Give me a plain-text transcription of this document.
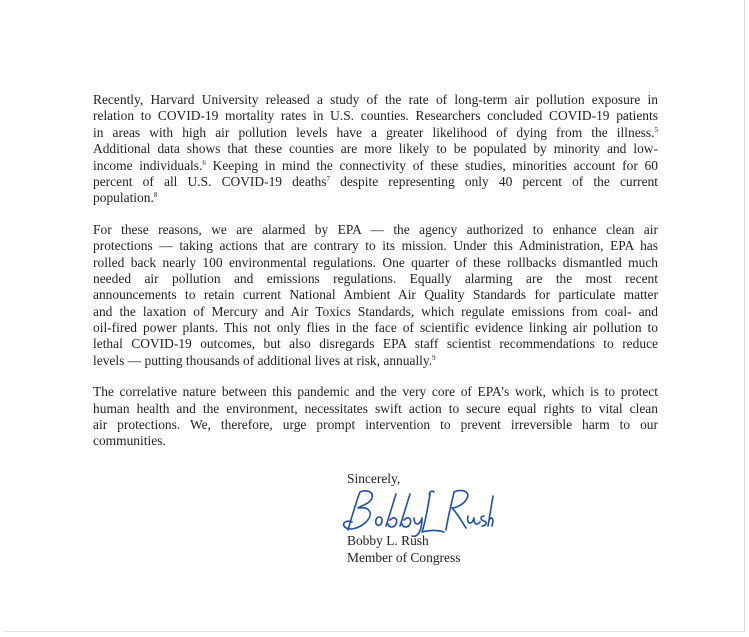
Recently, Harvard University released a study of the rate of long-term air pollution exposure in
relation to COVID-19 mortality rates in U.S. counties. Researchers concluded COVID-19 patients
in areas with high air pollution levels have a greater likelihood of dying from the illness.$^5$
Additional data shows that these counties are more likely to be populated by minority and low-
income individuals.$^6$ Keeping in mind the connectivity of these studies, minorities account for 60
percent of all U.S. COVID-19 deaths$^7$ despite representing only 40 percent of the current
population.$^8$
For these reasons, we are alarmed by EPA — the agency authorized to enhance clean air
protections — taking actions that are contrary to its mission. Under this Administration, EPA has
rolled back nearly 100 environmental regulations. One quarter of these rollbacks dismantled much
needed air pollution and emissions regulations. Equally alarming are the most recent
announcements to retain current National Ambient Air Quality Standards for particulate matter
and the laxation of Mercury and Air Toxics Standards, which regulate emissions from coal- and
oil-fired power plants. This not only flies in the face of scientific evidence linking air pollution to
lethal COVID-19 outcomes, but also disregards EPA staff scientist recommendations to reduce
levels — putting thousands of additional lives at risk, annually.$^9$
The correlative nature between this pandemic and the very core of EPA’s work, which is to protect
human health and the environment, necessitates swift action to secure equal rights to vital clean
air protections. We, therefore, urge prompt intervention to prevent irreversible harm to our
communities.
Sincerely,
Bobby L. Rush
Bobby L. Rush
Member of Congress
